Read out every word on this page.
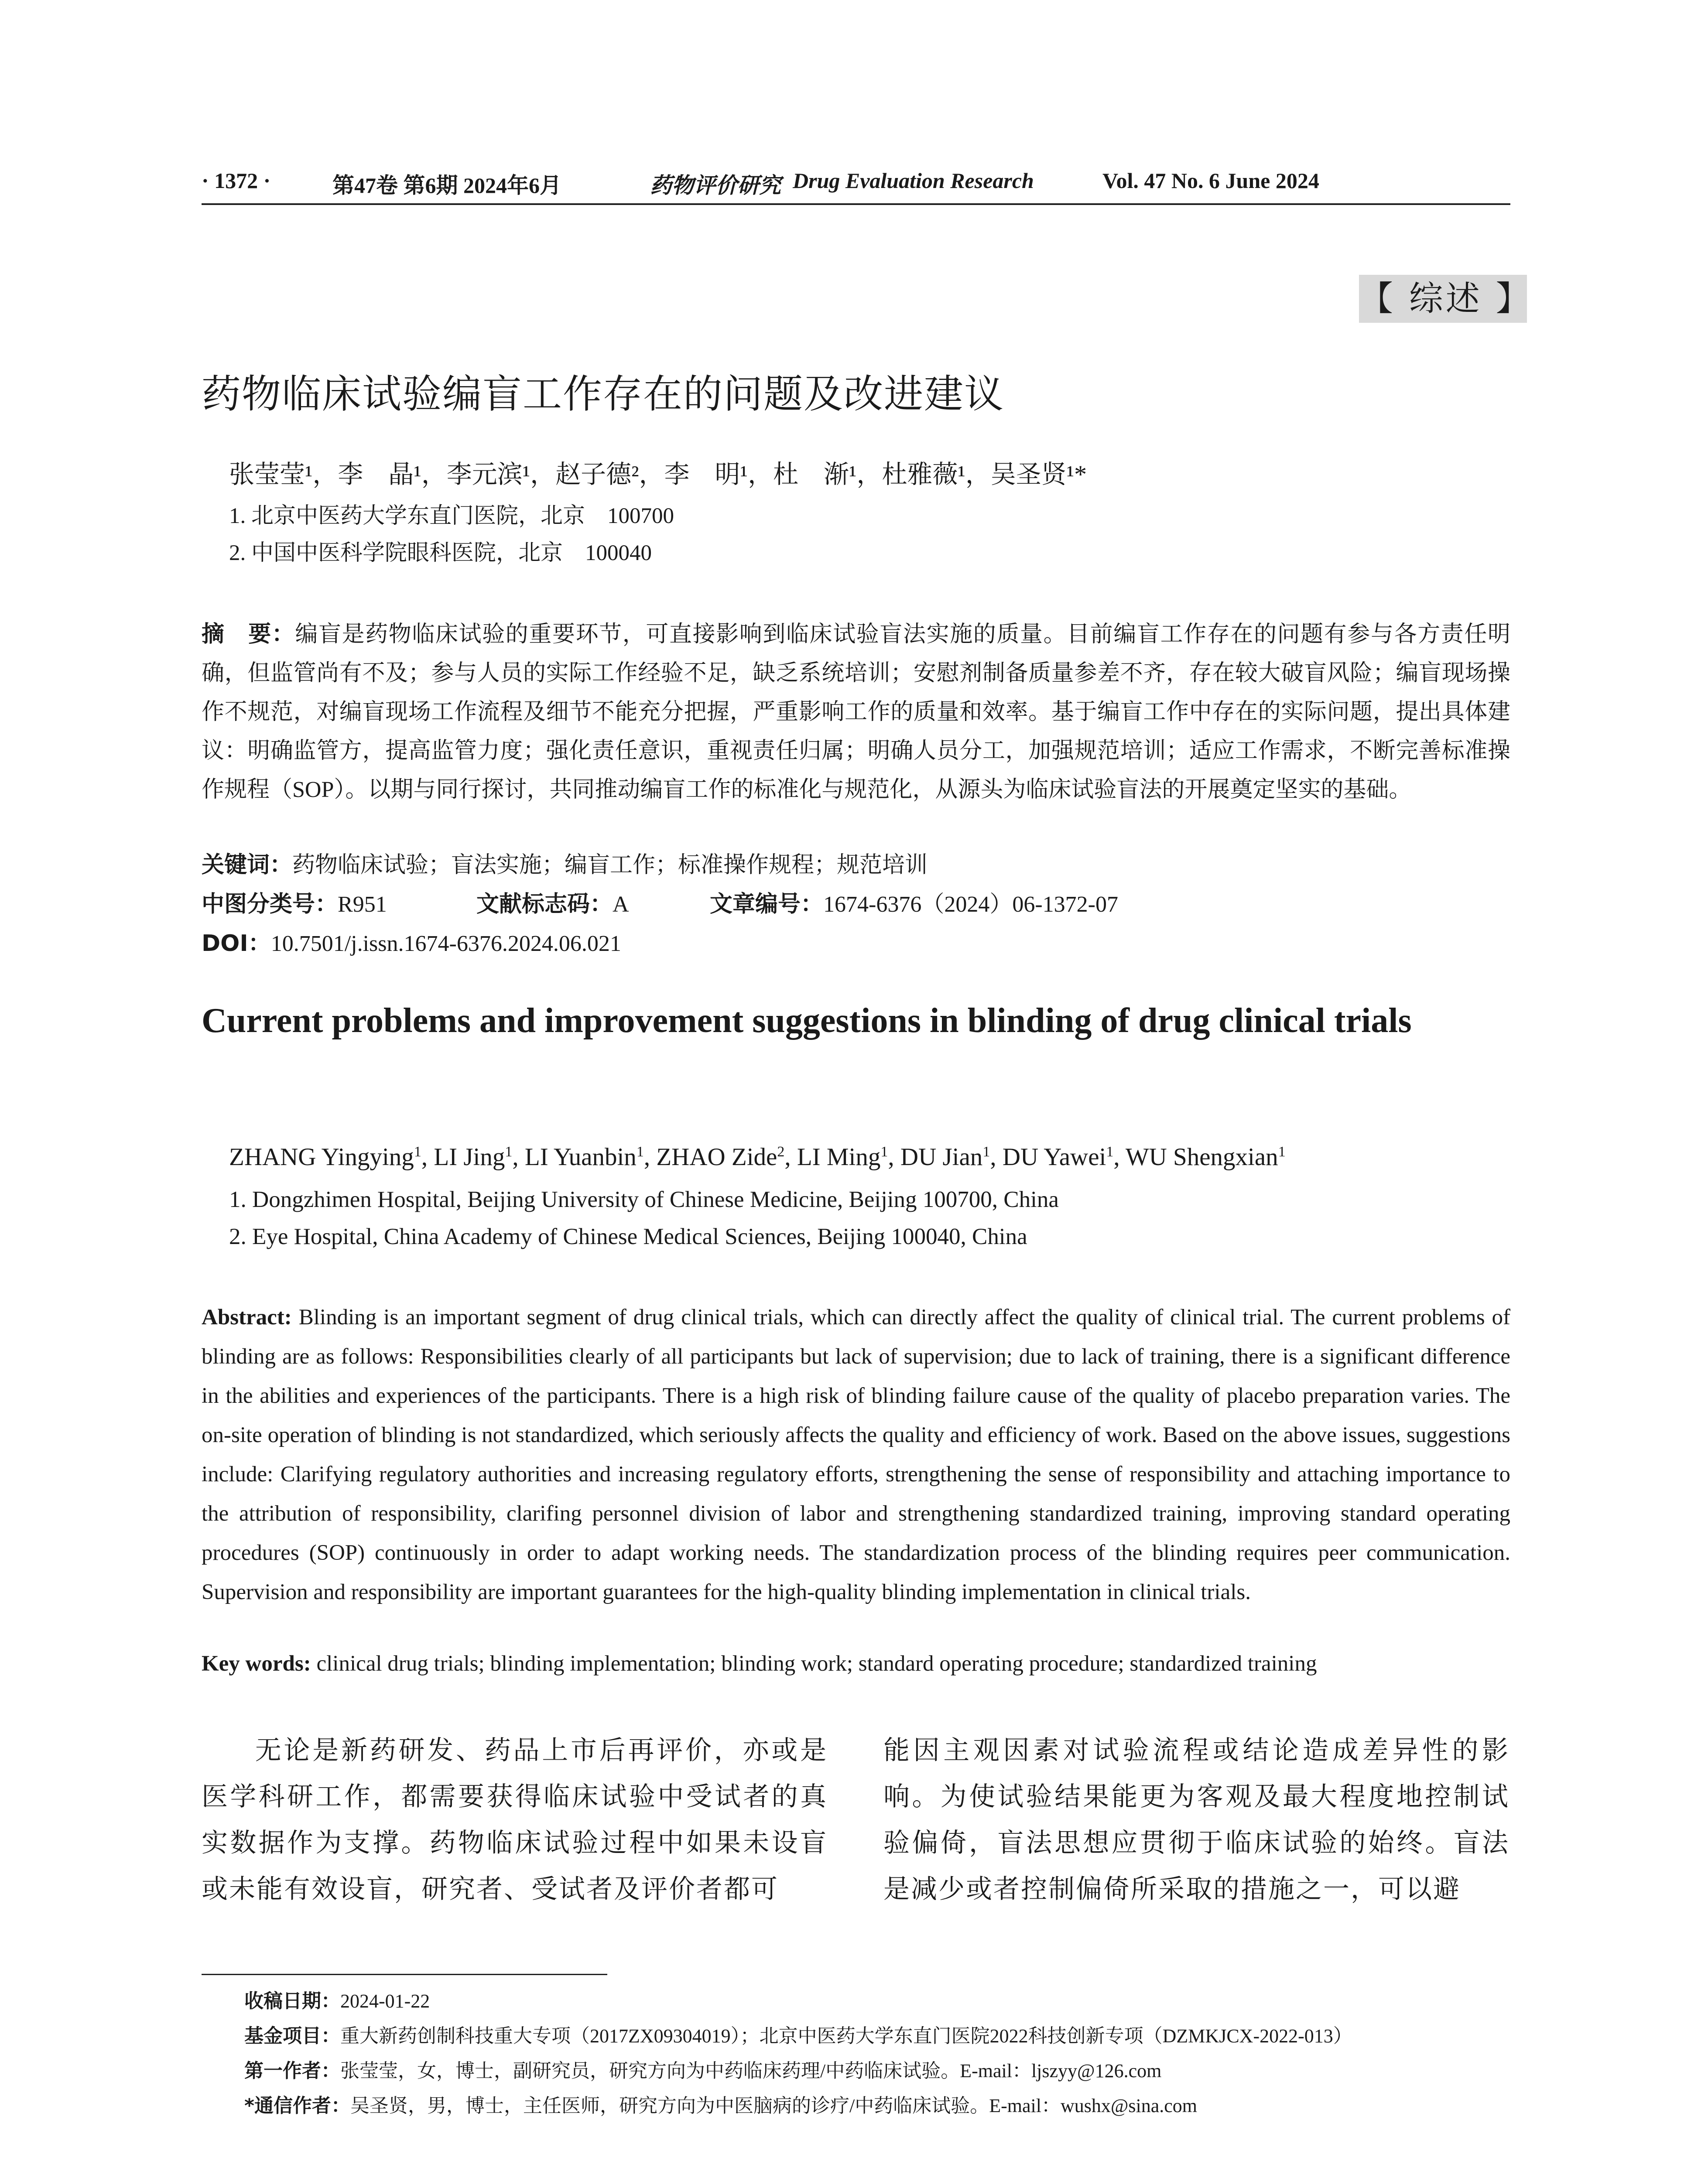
· 1372 ·	第47卷 第6期 2024年6月	药物评价研究 Drug Evaluation Research	Vol. 47 No. 6 June 2024
【 综述 】
药物临床试验编盲工作存在的问题及改进建议
张莹莹¹，李　晶¹，李元滨¹，赵子德²，李　明¹，杜　渐¹，杜雅薇¹，吴圣贤¹*
1. 北京中医药大学东直门医院，北京　100700
2. 中国中医科学院眼科医院，北京　100040
摘　要：编盲是药物临床试验的重要环节，可直接影响到临床试验盲法实施的质量。目前编盲工作存在的问题有参与各方责任明确，但监管尚有不及；参与人员的实际工作经验不足，缺乏系统培训；安慰剂制备质量参差不齐，存在较大破盲风险；编盲现场操作不规范，对编盲现场工作流程及细节不能充分把握，严重影响工作的质量和效率。基于编盲工作中存在的实际问题，提出具体建议：明确监管方，提高监管力度；强化责任意识，重视责任归属；明确人员分工，加强规范培训；适应工作需求，不断完善标准操作规程（SOP）。以期与同行探讨，共同推动编盲工作的标准化与规范化，从源头为临床试验盲法的开展奠定坚实的基础。
关键词：药物临床试验；盲法实施；编盲工作；标准操作规程；规范培训
中图分类号：R951	文献标志码：A	文章编号：1674-6376（2024）06-1372-07
DOI：10.7501/j.issn.1674-6376.2024.06.021
Current problems and improvement suggestions in blinding of drug clinical trials
ZHANG Yingying$^1$, LI Jing$^1$, LI Yuanbin$^1$, ZHAO Zide$^2$, LI Ming$^1$, DU Jian$^1$, DU Yawei$^1$, WU Shengxian$^1$
1. Dongzhimen Hospital, Beijing University of Chinese Medicine, Beijing 100700, China
2. Eye Hospital, China Academy of Chinese Medical Sciences, Beijing 100040, China
Abstract: Blinding is an important segment of drug clinical trials, which can directly affect the quality of clinical trial. The current problems of blinding are as follows: Responsibilities clearly of all participants but lack of supervision; due to lack of training, there is a significant difference in the abilities and experiences of the participants. There is a high risk of blinding failure cause of the quality of placebo preparation varies. The on-site operation of blinding is not standardized, which seriously affects the quality and efficiency of work. Based on the above issues, suggestions include: Clarifying regulatory authorities and increasing regulatory efforts, strengthening the sense of responsibility and attaching importance to the attribution of responsibility, clarifing personnel division of labor and strengthening standardized training, improving standard operating procedures (SOP) continuously in order to adapt working needs. The standardization process of the blinding requires peer communication. Supervision and responsibility are important guarantees for the high-quality blinding implementation in clinical trials.
Key words: clinical drug trials; blinding implementation; blinding work; standard operating procedure; standardized training
无论是新药研发、药品上市后再评价，亦或是医学科研工作，都需要获得临床试验中受试者的真实数据作为支撑。药物临床试验过程中如果未设盲或未能有效设盲，研究者、受试者及评价者都可
能因主观因素对试验流程或结论造成差异性的影响。为使试验结果能更为客观及最大程度地控制试验偏倚，盲法思想应贯彻于临床试验的始终。盲法是减少或者控制偏倚所采取的措施之一，可以避
收稿日期：2024-01-22
基金项目：重大新药创制科技重大专项（2017ZX09304019）；北京中医药大学东直门医院2022科技创新专项（DZMKJCX-2022-013）
第一作者：张莹莹，女，博士，副研究员，研究方向为中药临床药理/中药临床试验。E-mail：ljszyy@126.com
*通信作者：吴圣贤，男，博士，主任医师，研究方向为中医脑病的诊疗/中药临床试验。E-mail：wushx@sina.com
